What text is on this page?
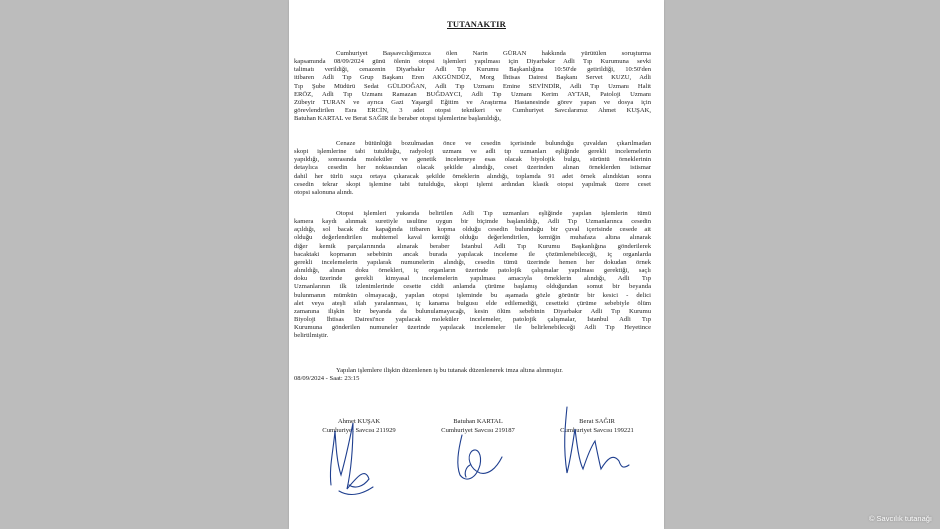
TUTANAKTIR
Cumhuriyet Başsavcılığımızca ölen Narin GÜRAN hakkında yürütülen soruşturma
kapsamında 08/09/2024 günü ölenin otopsi işlemleri yapılması için Diyarbakır Adli Tıp Kurumuna sevki
talimatı verildiği, cenazenin Diyarbakır Adli Tıp Kurumu Başkanlığına 10:50'de getirildiği, 10:50'den
itibaren Adli Tıp Grup Başkanı Eren AKGÜNDÜZ, Morg İhtisas Dairesi Başkanı Servet KUZU, Adli
Tıp Şube Müdürü Sedat GÜLDOĞAN, Adli Tıp Uzmanı Emine SEVİNDİR, Adli Tıp Uzmanı Halit
ERÖZ, Adli Tıp Uzmanı Ramazan BUĞDAYCI, Adli Tıp Uzmanı Kerim AYTAR, Patoloji Uzmanı
Zübeyir TURAN ve ayrıca Gazi Yaşargil Eğitim ve Araştırma Hastanesinde görev yapan ve dosya için
görevlendirilen Esra ERCİN, 3 adet otopsi teknikeri ve Cumhuriyet Savcılarımız Ahmet KUŞAK,
Batuhan KARTAL ve Berat SAĞIR ile beraber otopsi işlemlerine başlanıldığı,
Cenaze bütünlüğü bozulmadan önce ve cesedin içerisinde bulunduğu çuvaldan çıkarılmadan
skopi işlemlerine tabi tutulduğu, radyoloji uzmanı ve adli tıp uzmanları eşliğinde gerekli incelemelerin
yapıldığı, sonrasında moleküler ve genetik incelemeye esas olacak biyolojik bulgu, sürüntü örneklerinin
detaylıca cesedin her noktasından olacak şekilde alındığı, ceset üzerinden alınan örneklerden istismar
dahil her türlü suçu ortaya çıkaracak şekilde örneklerin alındığı, toplamda 91 adet örnek alındıktan sonra
cesedin tekrar skopi işlemine tabi tutulduğu, skopi işlemi ardından klasik otopsi yapılmak üzere ceset
otopsi salonuna alındı.
Otopsi işlemleri yukarıda belirtilen Adli Tıp uzmanları eşliğinde yapılan işlemlerin tümü
kamera kaydı alınmak suretiyle usulüne uygun bir biçimde başlanıldığı, Adli Tıp Uzmanlarınca cesedin
açıldığı, sol bacak diz kapağında itibaren kopma olduğu cesedin bulunduğu bir çuval içerisinde cesede ait
olduğu değerlendirilen muhtemel kaval kemiği olduğu değerlendirilen, kemiğin muhafaza altına alınarak
diğer kemik parçalarınında alınarak beraber İstanbul Adli Tıp Kurumu Başkanlığına gönderilerek
bacaktaki kopmanın sebebinin ancak burada yapılacak inceleme ile çözümlenebileceği, iç organlarda
gerekli incelemelerin yapılarak numunelerin alındığı, cesedin tümü üzerinde hemen her dokudan örnek
alınıldığı, alınan doku örnekleri, iç organların üzerinde patolojik çalışmalar yapılması gerektiği, saçlı
doku üzerinde gerekli kimyasal incelemelerin yapılması amacıyla örneklerin alındığı, Adli Tıp
Uzmanlarının ilk izlenimlerinde cesette ciddi anlamda çürüme başlamış olduğundan somut bir beyanda
bulunmanın mümkün olmayacağı, yapılan otopsi işleminde bu aşamada gözle görünür bir kesici - delici
alet veya ateşli silah yaralanması, iç kanama bulgusu elde edilemediği, cesetteki çürüme sebebiyle ölüm
zamanına ilişkin bir beyanda da bulunulamayacağı, kesin ölüm sebebinin Diyarbakır Adli Tıp Kurumu
Biyoloji İhtisas Dairesi'nce yapılacak moleküler incelemeler, patolojik çalışmalar, İstanbul Adli Tıp
Kurumuna gönderilen numuneler üzerinde yapılacak incelemeler ile belirlenebileceği Adli Tıp Heyetince
belirtilmiştir.
Yapılan işlemlere ilişkin düzenlenen iş bu tutanak düzenlenerek imza altına alınmıştır.
08/09/2024 - Saat: 23:15
Ahmet KUŞAK
Cumhuriyet Savcısı 211929
Batuhan KARTAL
Cumhuriyet Savcısı 219187
Berat SAĞIR
Cumhuriyet Savcısı 199221
© Savcılık tutanağı
